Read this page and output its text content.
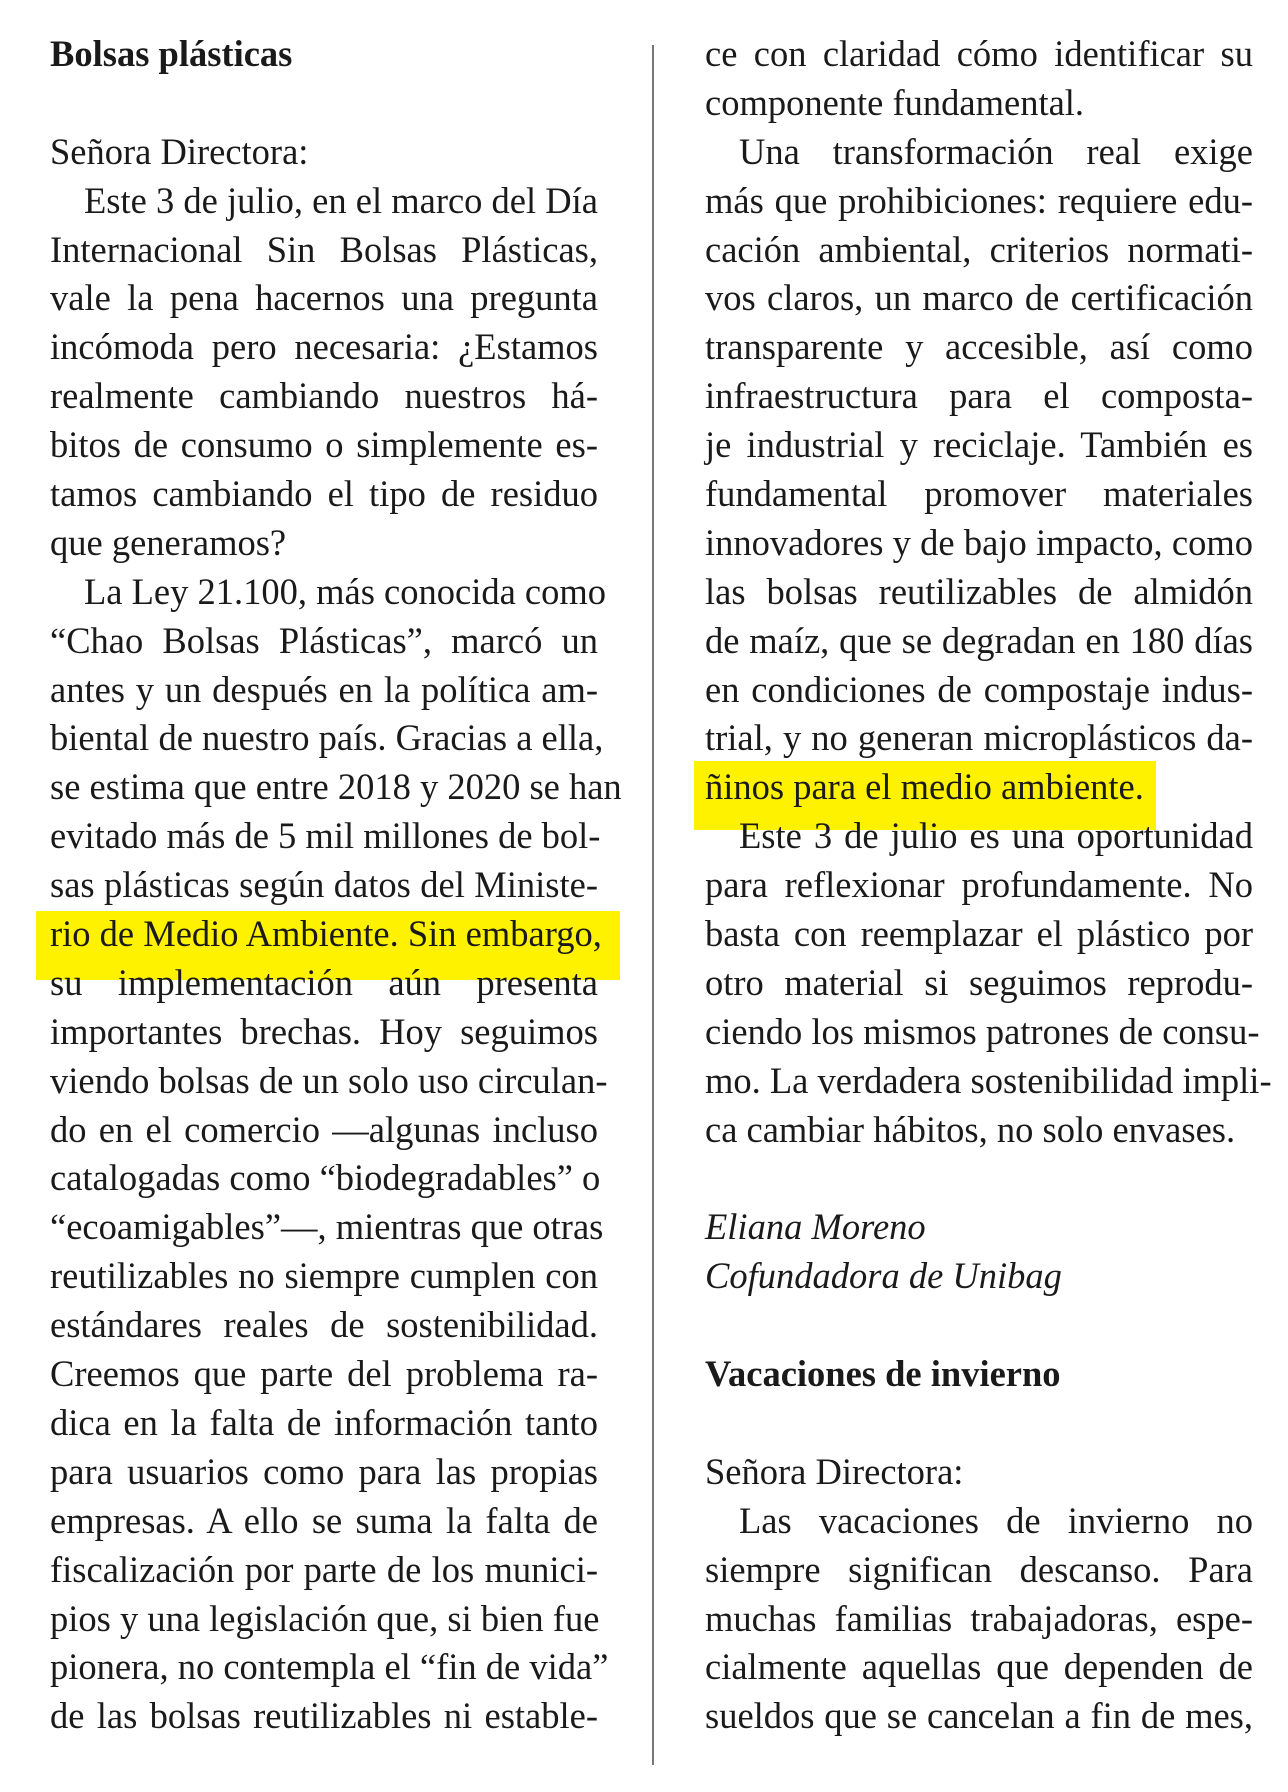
Bolsas plásticas
Señora Directora:
Este 3 de julio, en el marco del Día
Internacional Sin Bolsas Plásticas,
vale la pena hacernos una pregunta
incómoda pero necesaria: ¿Estamos
realmente cambiando nuestros há-
bitos de consumo o simplemente es-
tamos cambiando el tipo de residuo
que generamos?
La Ley 21.100, más conocida como
“Chao Bolsas Plásticas”, marcó un
antes y un después en la política am-
biental de nuestro país. Gracias a ella,
se estima que entre 2018 y 2020 se han
evitado más de 5 mil millones de bol-
sas plásticas según datos del Ministe-
rio de Medio Ambiente. Sin embargo,
su implementación aún presenta
importantes brechas. Hoy seguimos
viendo bolsas de un solo uso circulan-
do en el comercio —algunas incluso
catalogadas como “biodegradables” o
“ecoamigables”—, mientras que otras
reutilizables no siempre cumplen con
estándares reales de sostenibilidad.
Creemos que parte del problema ra-
dica en la falta de información tanto
para usuarios como para las propias
empresas. A ello se suma la falta de
fiscalización por parte de los munici-
pios y una legislación que, si bien fue
pionera, no contempla el “fin de vida”
de las bolsas reutilizables ni estable-
ce con claridad cómo identificar su
componente fundamental.
Una transformación real exige
más que prohibiciones: requiere edu-
cación ambiental, criterios normati-
vos claros, un marco de certificación
transparente y accesible, así como
infraestructura para el composta-
je industrial y reciclaje. También es
fundamental promover materiales
innovadores y de bajo impacto, como
las bolsas reutilizables de almidón
de maíz, que se degradan en 180 días
en condiciones de compostaje indus-
trial, y no generan microplásticos da-
ñinos para el medio ambiente.
Este 3 de julio es una oportunidad
para reflexionar profundamente. No
basta con reemplazar el plástico por
otro material si seguimos reprodu-
ciendo los mismos patrones de consu-
mo. La verdadera sostenibilidad impli-
ca cambiar hábitos, no solo envases.
Eliana Moreno
Cofundadora de Unibag
Vacaciones de invierno
Señora Directora:
Las vacaciones de invierno no
siempre significan descanso. Para
muchas familias trabajadoras, espe-
cialmente aquellas que dependen de
sueldos que se cancelan a fin de mes,
